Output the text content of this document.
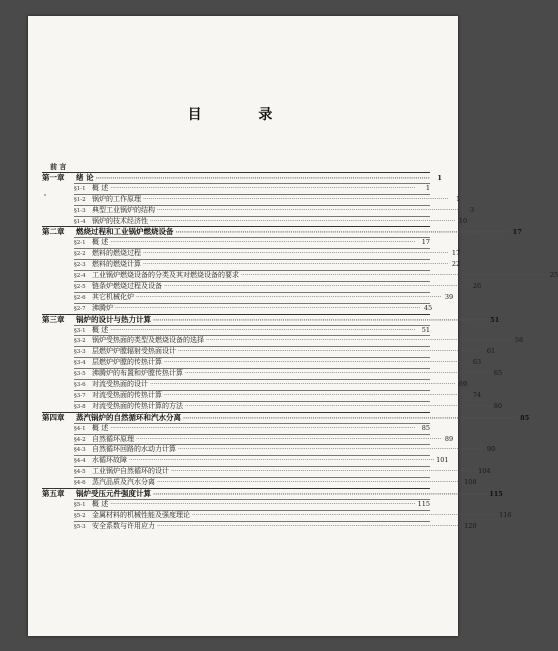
目 录
前 言
第一章	绪 论 ································································································································································	1
§1-1 概 述 ································································································································································	1
§1-2 锅炉的工作原理 ································································································································································	1
§1-3 典型工业锅炉的结构 ································································································································································	3
§1-4 锅炉的技术经济性 ································································································································································ 10
第二章	燃烧过程和工业锅炉燃烧设备 ································································································································································ 17
§2-1 概 述 ································································································································································ 17
§2-2 燃料的燃烧过程 ································································································································································ 17
§2-3 燃料的燃烧计算 ································································································································································ 22
§2-4 工业锅炉燃烧设备的分类及其对燃烧设备的要求 ································································································································································ 25
§2-5 链条炉燃烧过程及设备 ································································································································································ 26
§2-6 其它机械化炉 ································································································································································ 39
§2-7 沸腾炉 ································································································································································ 45
第三章	锅炉的设计与热力计算 ································································································································································ 51
§3-1 概 述 ································································································································································ 51
§3-2 锅炉受热面的类型及燃烧设备的选择 ································································································································································ 58
§3-3 层燃炉炉膛辐射受热面设计 ································································································································································ 61
§3-4 层燃炉炉膛的传热计算 ································································································································································ 63
§3-5 沸腾炉的布置和炉膛传热计算 ································································································································································ 65
§3-6 对流受热面的设计 ································································································································································ 69
§3-7 对流受热面的传热计算 ································································································································································ 74
§3-8 对流受热面的传热计算的方法 ································································································································································ 80
第四章	蒸汽锅炉的自然循环和汽水分离 ································································································································································ 85
§4-1 概 述 ································································································································································ 85
§4-2 自然循环原理 ································································································································································ 89
§4-3 自然循环回路的水动力计算 ································································································································································ 90
§4-4 水循环故障 ································································································································································ 101
§4-5 工业锅炉自然循环的设计 ································································································································································ 104
§4-6 蒸汽品质及汽水分离 ································································································································································ 108
第五章	锅炉受压元件强度计算 ································································································································································ 115
§5-1 概 述 ································································································································································ 115
§5-2 金属材料的机械性能及强度理论 ································································································································································ 116
§5-3 安全系数与许用应力 ································································································································································ 120
